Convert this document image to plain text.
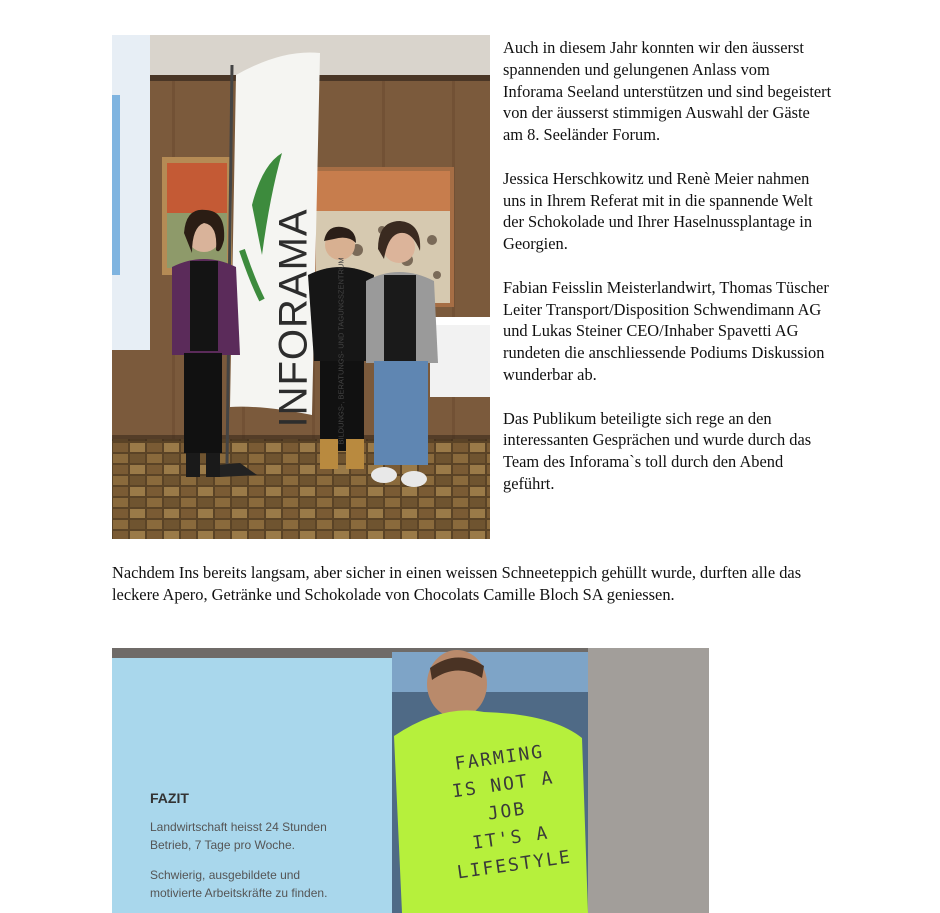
INFORAMA	BILDUNGS-, BERATUNGS- UND TAGUNGSZENTRUM

Auch in diesem Jahr konnten wir den äusserst spannenden und gelungenen Anlass vom Inforama Seeland unterstützen und sind begeistert von der äusserst stimmigen Auswahl der Gäste am 8. Seeländer Forum.

Jessica Herschkowitz und Renè Meier nahmen uns in Ihrem Referat mit in die spannende Welt der Schokolade und Ihrer Haselnussplantage in Georgien.

Fabian Feisslin Meisterlandwirt, Thomas Tüscher Leiter Transport/Disposition Schwendimann AG und Lukas Steiner CEO/Inhaber Spavetti AG rundeten die anschliessende Podiums Diskussion wunderbar ab.

Das Publikum beteiligte sich rege an den interessanten Gesprächen und wurde durch das Team des Inforama`s toll durch den Abend geführt.

Nachdem Ins bereits langsam, aber sicher in einen weissen Schneeteppich gehüllt wurde, durften alle das leckere Apero, Getränke und Schokolade von Chocolats Camille Bloch SA geniessen.

FAZIT
Landwirtschaft heisst 24 Stunden
Betrieb, 7 Tage pro Woche.
Schwierig, ausgebildete und
motivierte Arbeitskräfte zu finden.
FARMING
IS NOT A
JOB
IT'S A
LIFESTYLE
